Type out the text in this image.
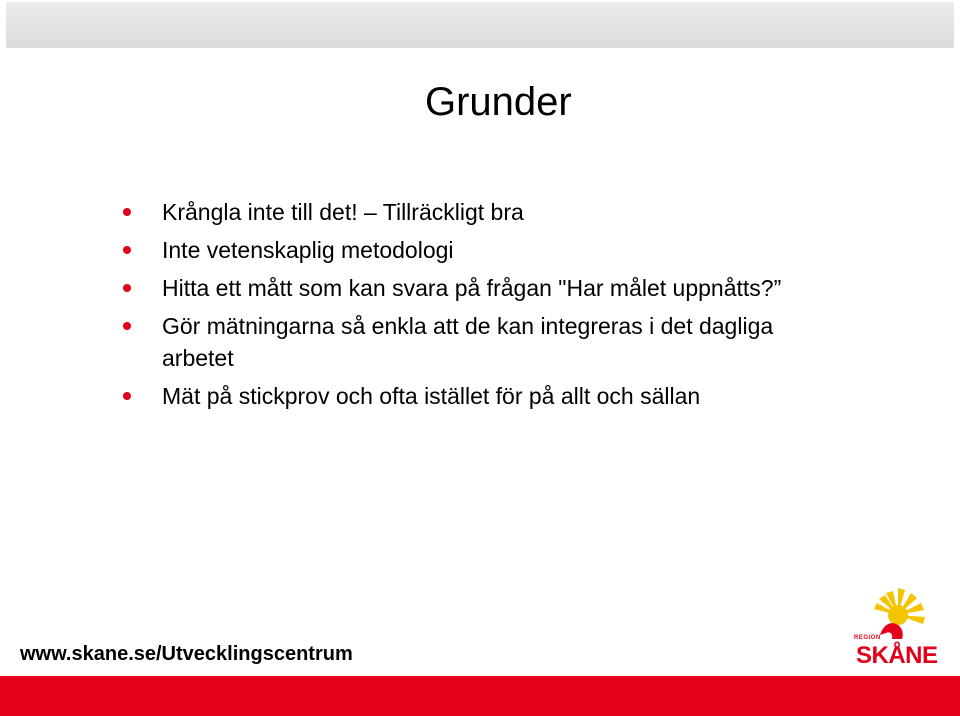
Grunder
Krångla inte till det! – Tillräckligt bra
Inte vetenskaplig metodologi
Hitta ett mått som kan svara på frågan "Har målet uppnåtts?”
Gör mätningarna så enkla att de kan integreras i det dagliga arbetet
Mät på stickprov och ofta istället för på allt och sällan
www.skane.se/Utvecklingscentrum
REGION
SKÅNE
